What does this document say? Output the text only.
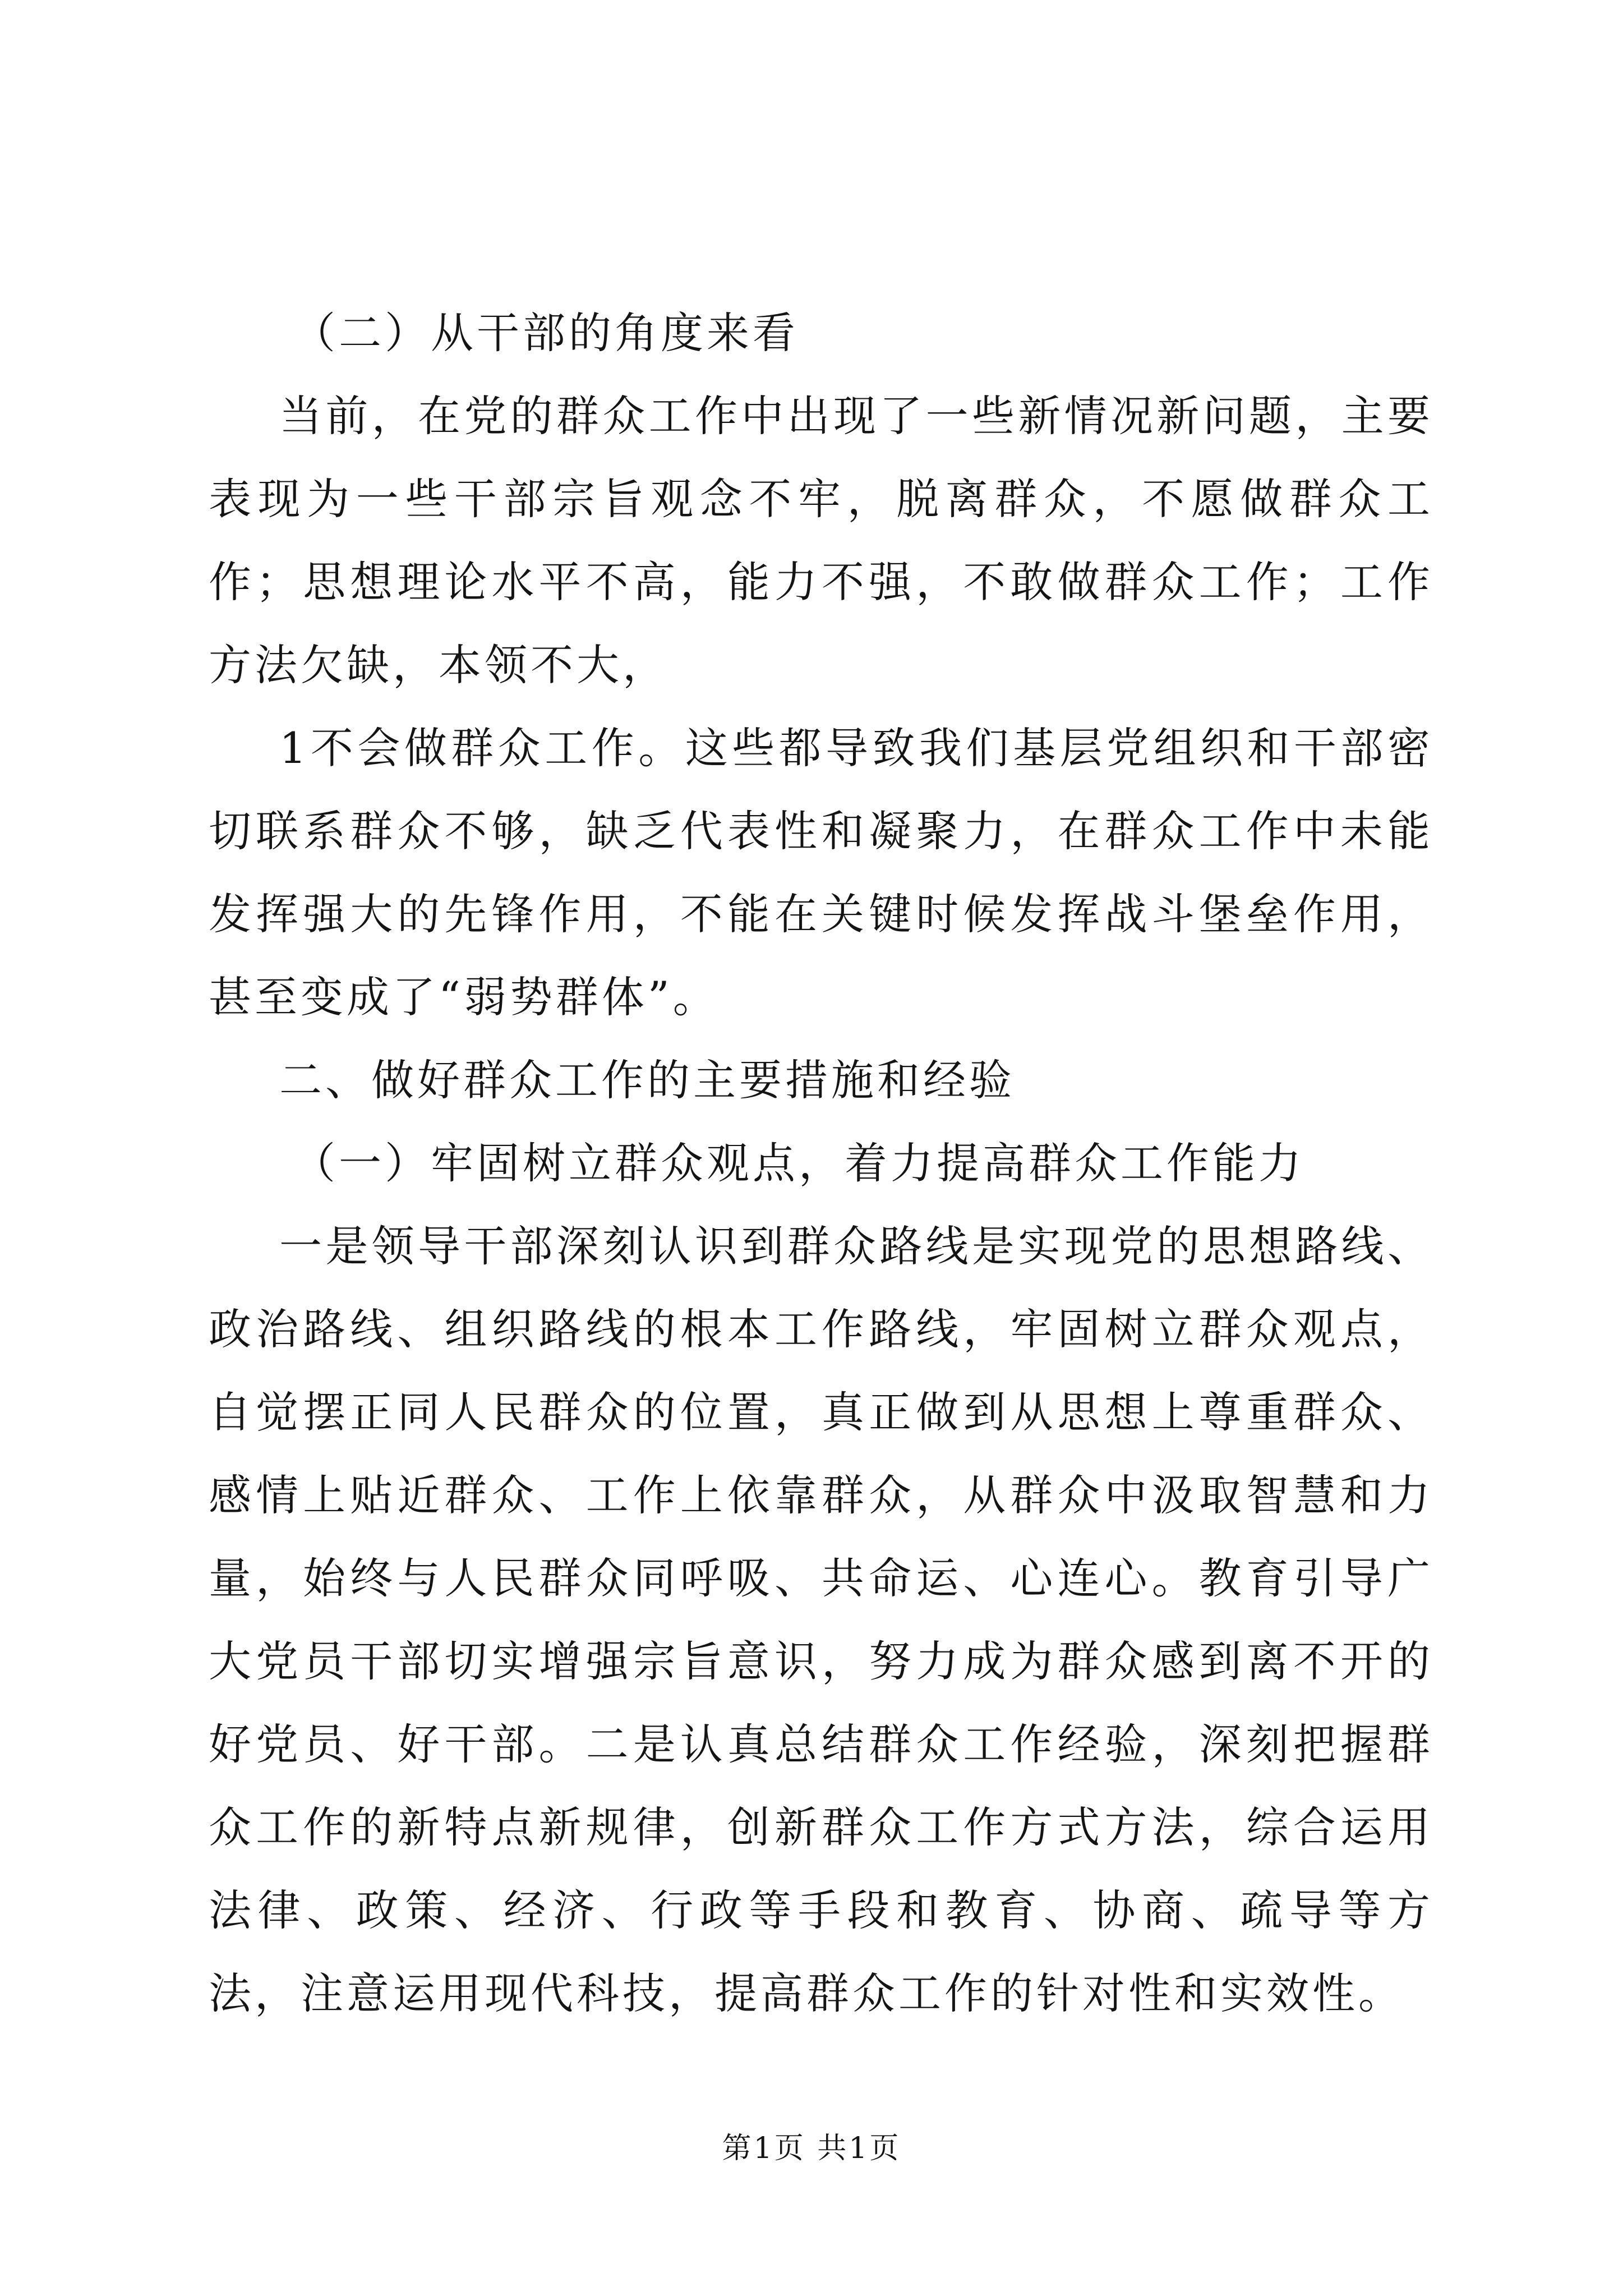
（二）从干部的角度来看

当前，在党的群众工作中出现了一些新情况新问题，主要表现为一些干部宗旨观念不牢，脱离群众，不愿做群众工作；思想理论水平不高，能力不强，不敢做群众工作；工作方法欠缺，本领不大，

1不会做群众工作。这些都导致我们基层党组织和干部密切联系群众不够，缺乏代表性和凝聚力，在群众工作中未能发挥强大的先锋作用，不能在关键时候发挥战斗堡垒作用，甚至变成了“弱势群体”。

二、做好群众工作的主要措施和经验

（一）牢固树立群众观点，着力提高群众工作能力

一是领导干部深刻认识到群众路线是实现党的思想路线、政治路线、组织路线的根本工作路线，牢固树立群众观点，自觉摆正同人民群众的位置，真正做到从思想上尊重群众、感情上贴近群众、工作上依靠群众，从群众中汲取智慧和力量，始终与人民群众同呼吸、共命运、心连心。教育引导广大党员干部切实增强宗旨意识，努力成为群众感到离不开的好党员、好干部。二是认真总结群众工作经验，深刻把握群众工作的新特点新规律，创新群众工作方式方法，综合运用法律、政策、经济、行政等手段和教育、协商、疏导等方法，注意运用现代科技，提高群众工作的针对性和实效性。

第1页 共1页
